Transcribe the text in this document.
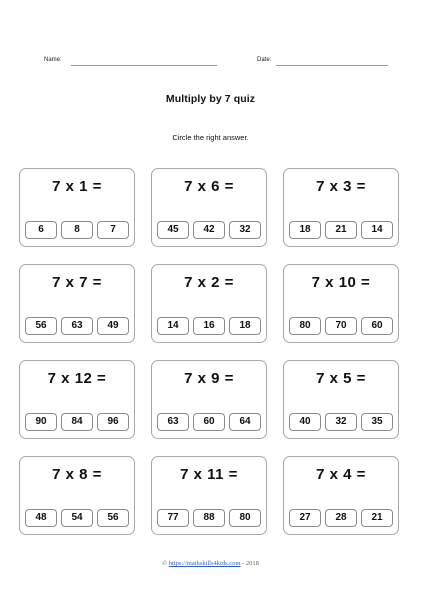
Name:	Date:
Multiply by 7 quiz
Circle the right answer.
7 x 1 =
6	8	7
7 x 6 =
45	42	32
7 x 3 =
18	21	14
7 x 7 =
56	63	49
7 x 2 =
14	16	18
7 x 10 =
80	70	60
7 x 12 =
90	84	96
7 x 9 =
63	60	64
7 x 5 =
40	32	35
7 x 8 =
48	54	56
7 x 11 =
77	88	80
7 x 4 =
27	28	21
© https://mathskills4kids.com - 2018
